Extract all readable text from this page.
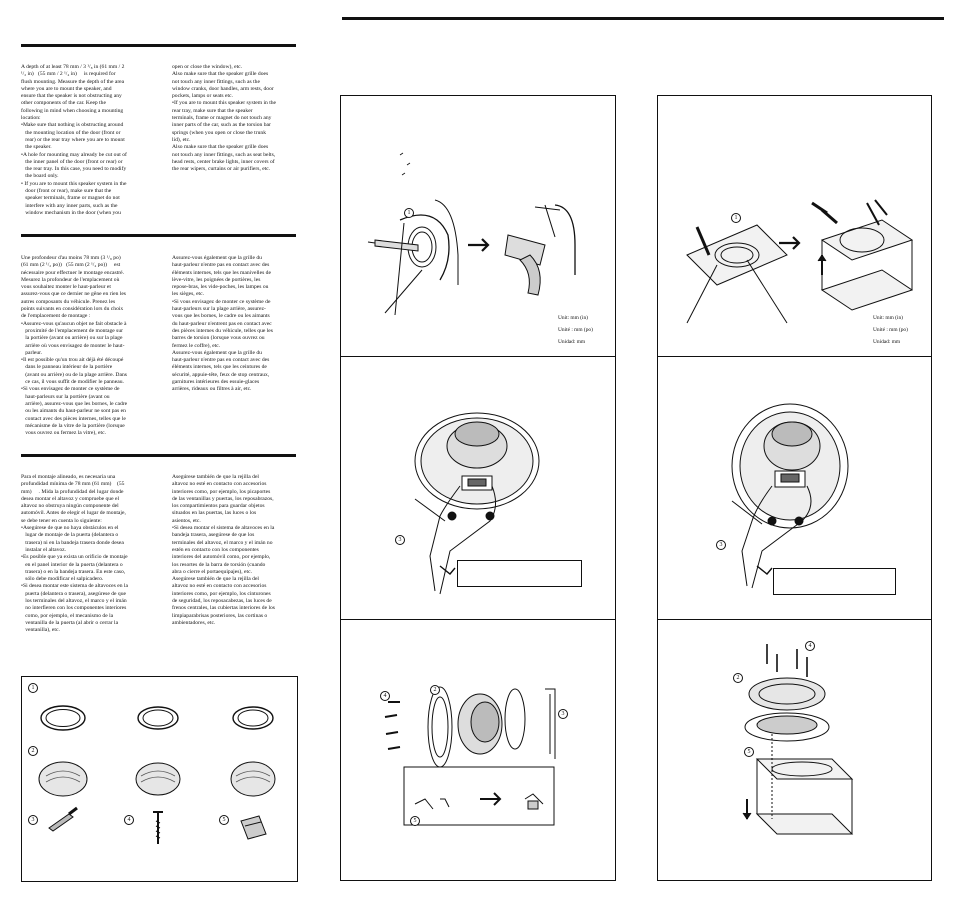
A depth of at least 78 mm / 3 ¹/₈ in (61 mm / 2

¹/₂ in)   (55 mm / 2 ¹/₄ in)     is required for

flush mounting. Measure the depth of the area

where you are to mount the speaker, and

ensure that the speaker is not obstructing any

other components of the car. Keep the

following in mind when choosing a mounting

location:

•Make sure that nothing is obstructing around

the mounting location of the door (front or

rear) or the rear tray where you are to mount

the speaker.

•A hole for mounting may already be cut out of

the inner panel of the door (front or rear) or

the rear tray. In this case, you need to modify

the board only.

• If you are to mount this speaker system in the

door (front or rear), make sure that the

speaker terminals, frame or magnet do not

interfere with any inner parts, such as the

window mechanism in the door (when you

open or close the window), etc.

Also make sure that the speaker grille does

not touch any inner fittings, such as the

window cranks, door handles, arm rests, door

pockets, lamps or seats etc.

•If you are to mount this speaker system in the

rear tray, make sure that the speaker

terminals, frame or magnet do not touch any

inner parts of the car, such as the torsion bar

springs (when you open or close the trunk

lid), etc.

Also make sure that the speaker grille does

not touch any inner fittings, such as seat belts,

head rests, center brake lights, inner covers of

the rear wipers, curtains or air purifiers, etc.

Une profondeur d'au moins 78 mm (3 ¹/₈ po)

(61 mm (2 ¹/₂ po))   (55 mm (2 ¹/₄ po))     est

nécessaire pour effectuer le montage encastré.

Mesurez la profondeur de l'emplacement où

vous souhaitez monter le haut-parleur et

assurez-vous que ce dernier ne gêne en rien les

autres composants du véhicule. Prenez les

points suivants en considération lors du choix

de l'emplacement de montage :

•Assurez-vous qu'aucun objet ne fait obstacle à

proximité de l'emplacement de montage sur

la portière (avant ou arrière) ou sur la plage

arrière où vous envisagez de monter le haut-

parleur.

•Il est possible qu'un trou ait déjà été découpé

dans le panneau intérieur de la portière

(avant ou arrière) ou de la plage arrière. Dans

ce cas, il vous suffit de modifier le panneau.

•Si vous envisagez de monter ce système de

haut-parleurs sur la portière (avant ou

arrière), assurez-vous que les bornes, le cadre

ou les aimants du haut-parleur ne sont pas en

contact avec des pièces internes, telles que le

mécanisme de la vitre de la portière (lorsque

vous ouvrez ou fermez la vitre), etc.

Assurez-vous également que la grille du

haut-parleur n'entre pas en contact avec des

éléments internes, tels que les manivelles de

lève-vitre, les poignées de portières, les

repose-bras, les vide-poches, les lampes ou

les sièges, etc.

•Si vous envisagez de monter ce système de

haut-parleurs sur la plage arrière, assurez-

vous que les bornes, le cadre ou les aimants

du haut-parleur n'entrent pas en contact avec

des pièces internes du véhicule, telles que les

barres de torsion (lorsque vous ouvrez ou

fermez le coffre), etc.

Assurez-vous également que la grille du

haut-parleur n'entre pas en contact avec des

éléments internes, tels que les ceintures de

sécurité, appuie-tête, feux de stop centraux,

garnitures intérieures des essuie-glaces

arrières, rideaux ou filtres à air, etc.

Para el montaje alineado, es necesaria una

profundidad mínima de 78 mm (61 mm)    (55

mm)     . Mida la profundidad del lugar donde

desea montar el altavoz y compruebe que el

altavoz no obstruya ningún componente del

automóvil. Antes de elegir el lugar de montaje,

se debe tener en cuenta lo siguiente:

•Asegúrese de que no haya obstáculos en el

lugar de montaje de la puerta (delantera o

trasera) ni en la bandeja trasera donde desea

instalar el altavoz.

•Es posible que ya exista un orificio de montaje

en el panel interior de la puerta (delantera o

trasera) o en la bandeja trasera. En este caso,

sólo debe modificar el salpicadero.

•Si desea montar este sistema de altavoces en la

puerta (delantera o trasera), asegúrese de que

los terminales del altavoz, el marco y el imán

no interfieren con los componentes interiores

como, por ejemplo, el mecanismo de la

ventanilla de la puerta (al abrir o cerrar la

ventanilla), etc.

Asegúrese también de que la rejilla del

altavoz no esté en contacto con accesorios

interiores como, por ejemplo, los picaportes

de las ventanillas y puertas, los reposabrazos,

los compartimientos para guardar objetos

situados en las puertas, las luces o los

asientos, etc.

•Si desea montar el sistema de altavoces en la

bandeja trasera, asegúrese de que los

terminales del altavoz, el marco y el imán no

estén en contacto con los componentes

interiores del automóvil como, por ejemplo,

los resortes de la barra de torsión (cuando

abra o cierre el portaequipajes), etc.

Asegúrese también de que la rejilla del

altavoz no esté en contacto con accesorios

interiores como, por ejemplo, los cinturones

de seguridad, los reposacabezas, las luces de

frenos centrales, las cubiertas interiores de los

limpiaparabrisas posteriores, las cortinas o

ambientadores, etc.

1
2
3	4	5
1

Unit: mm (in)

Unité : mm (po)

Unidad: mm

3
4
2
3
5
1

Unit: mm (in)

Unité : mm (po)

Unidad: mm

3
4
2
5
